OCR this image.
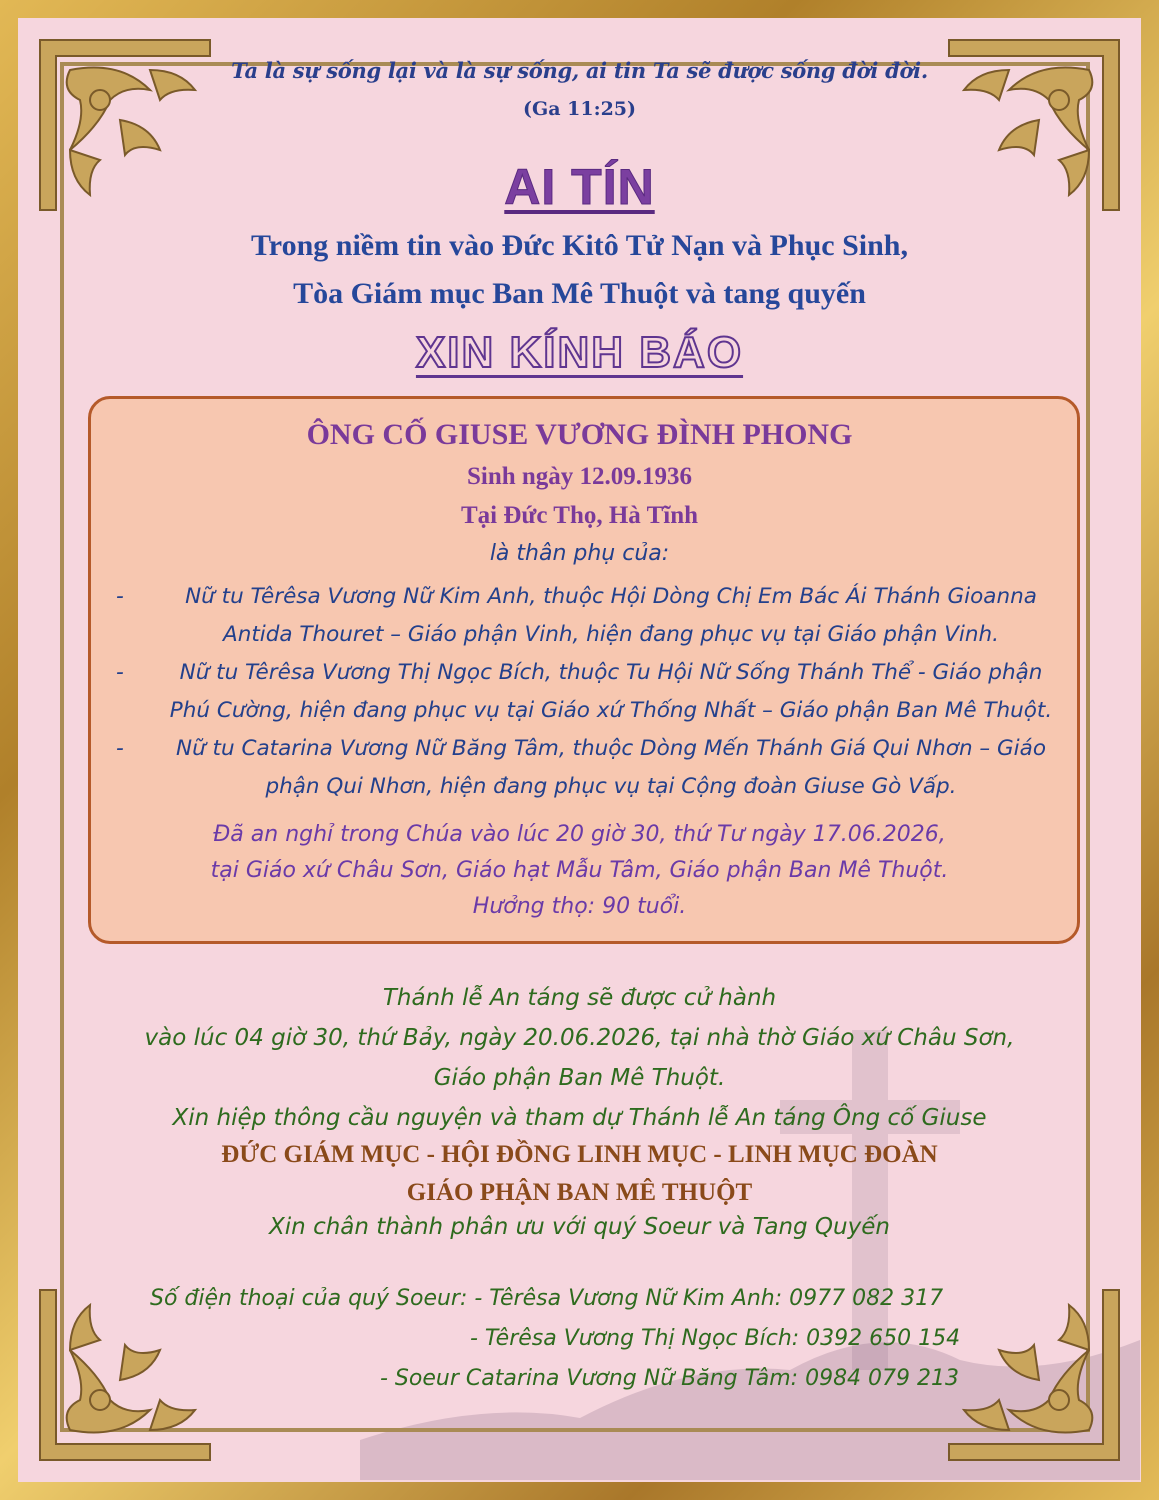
Ta là sự sống lại và là sự sống, ai tin Ta sẽ được sống đời đời.
(Ga 11:25)
AI TÍN
Trong niềm tin vào Đức Kitô Tử Nạn và Phục Sinh,
Tòa Giám mục Ban Mê Thuột và tang quyến
XIN KÍNH BÁO
ÔNG CỐ GIUSE VƯƠNG ĐÌNH PHONG
Sinh ngày 12.09.1936
Tại Đức Thọ, Hà Tĩnh
là thân phụ của:
-	Nữ tu Têrêsa Vương Nữ Kim Anh, thuộc Hội Dòng Chị Em Bác Ái Thánh Gioanna
Antida Thouret – Giáo phận Vinh, hiện đang phục vụ tại Giáo phận Vinh.
-	Nữ tu Têrêsa Vương Thị Ngọc Bích, thuộc Tu Hội Nữ Sống Thánh Thể - Giáo phận
Phú Cường, hiện đang phục vụ tại Giáo xứ Thống Nhất – Giáo phận Ban Mê Thuột.
-	Nữ tu Catarina Vương Nữ Băng Tâm, thuộc Dòng Mến Thánh Giá Qui Nhơn – Giáo
phận Qui Nhơn, hiện đang phục vụ tại Cộng đoàn Giuse Gò Vấp.
Đã an nghỉ trong Chúa vào lúc 20 giờ 30, thứ Tư ngày 17.06.2026,
tại Giáo xứ Châu Sơn, Giáo hạt Mẫu Tâm, Giáo phận Ban Mê Thuột.
Hưởng thọ: 90 tuổi.
Thánh lễ An táng sẽ được cử hành
vào lúc 04 giờ 30, thứ Bảy, ngày 20.06.2026, tại nhà thờ Giáo xứ Châu Sơn,
Giáo phận Ban Mê Thuột.
Xin hiệp thông cầu nguyện và tham dự Thánh lễ An táng Ông cố Giuse
ĐỨC GIÁM MỤC - HỘI ĐỒNG LINH MỤC - LINH MỤC ĐOÀN
GIÁO PHẬN BAN MÊ THUỘT
Xin chân thành phân ưu với quý Soeur và Tang Quyến
Số điện thoại của quý Soeur: - Têrêsa Vương Nữ Kim Anh: 0977 082 317
- Têrêsa Vương Thị Ngọc Bích: 0392 650 154
- Soeur Catarina Vương Nữ Băng Tâm: 0984 079 213
